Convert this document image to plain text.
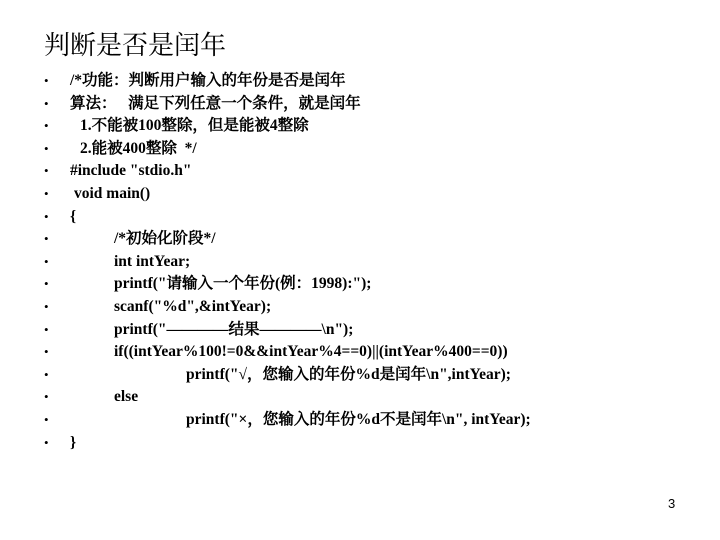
判断是否是闰年
• /*功能：判断用户输入的年份是否是闰年
• 算法：   满足下列任意一个条件，就是闰年
• 1.不能被100整除，但是能被4整除
• 2.能被400整除  */
• #include "stdio.h"
• void main()
• {
•	/*初始化阶段*/
•	int intYear;
•	printf("请输入一个年份(例：1998):");
•	scanf("%d",&intYear);
•	printf("————结果————\n");
•	if((intYear%100!=0&&intYear%4==0)||(intYear%400==0))
•	printf("√，您输入的年份%d是闰年\n",intYear);
•	else
•	printf("×，您输入的年份%d不是闰年\n", intYear);
• }
3
